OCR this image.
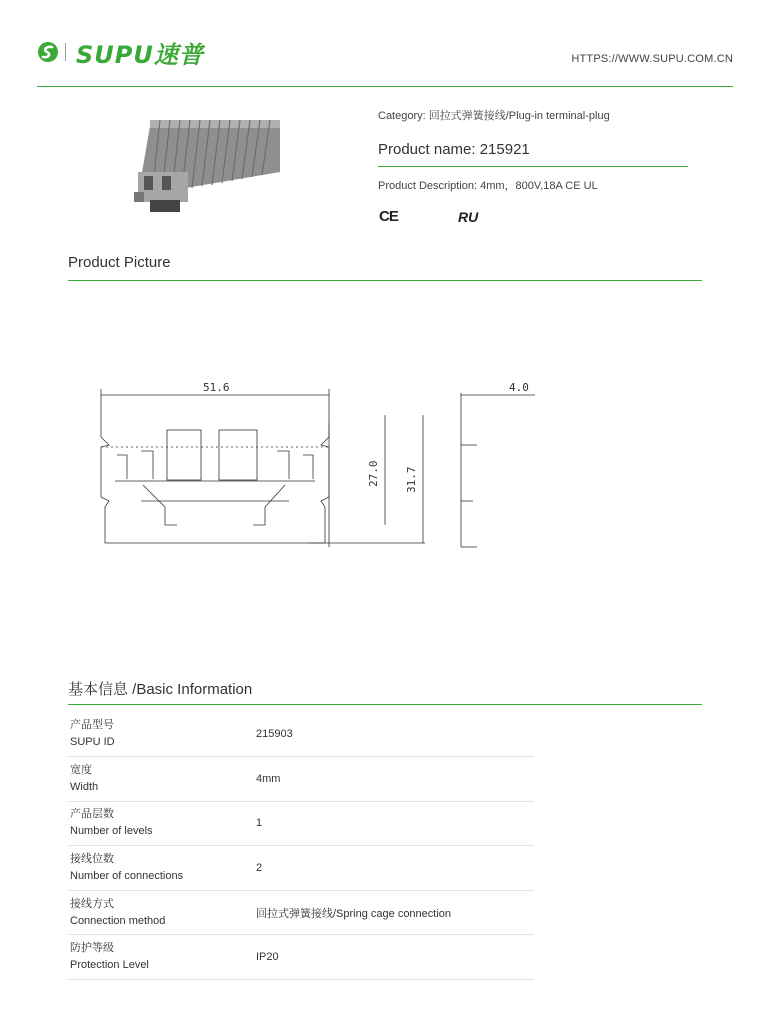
SUPU速普	HTTPS://WWW.SUPU.COM.CN
Category: 回拉式弹簧接线/Plug-in terminal-plug
Product name: 215921
Product Description: 4mm，800V,18A CE UL
CE	RU
Product Picture
51.6
27.0 31.7
4.0
基本信息 /Basic Information
产品型号
SUPU ID	215903

宽度
Width	4mm

产品层数
Number of levels	1

接线位数
Number of connections	2

接线方式
Connection method	回拉式弹簧接线/Spring cage connection

防护等级
Protection Level	IP20
